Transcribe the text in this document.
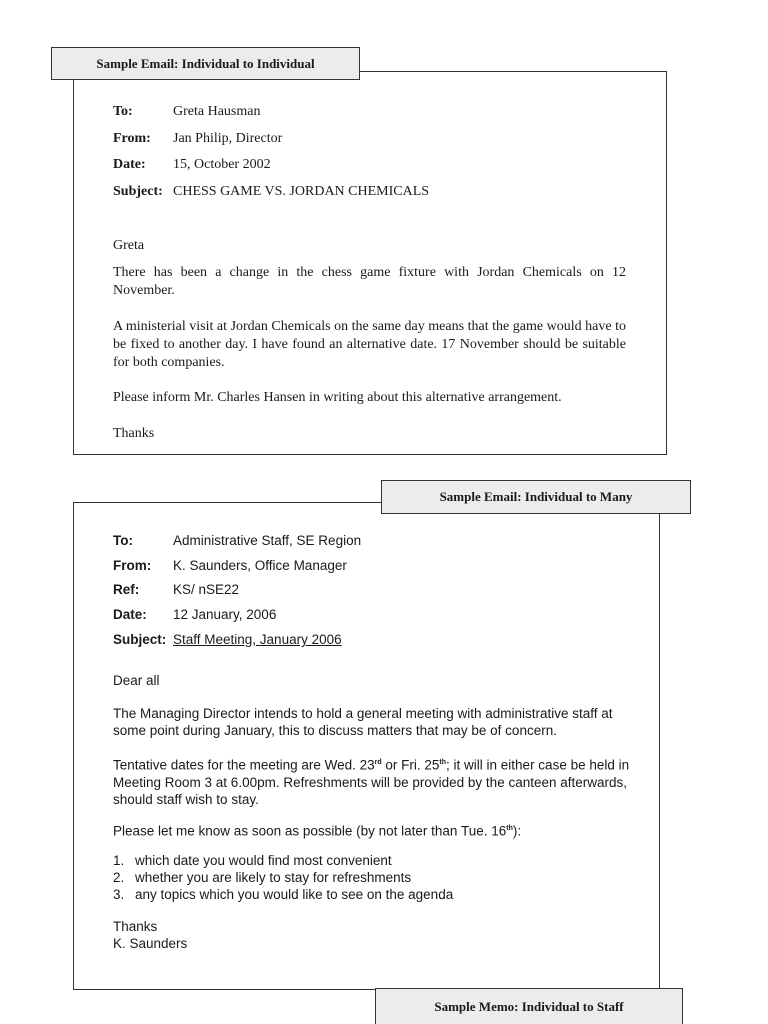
Sample Email: Individual to Individual
To:	Greta Hausman
From: Jan Philip, Director
Date: 15, October 2002
Subject: CHESS GAME VS. JORDAN CHEMICALS

Greta

There has been a change in the chess game fixture with Jordan Chemicals on 12 November.

A ministerial visit at Jordan Chemicals on the same day means that the game would have to be fixed to another day. I have found an alternative date. 17 November should be suitable for both companies.

Please inform Mr. Charles Hansen in writing about this alternative arrangement.

Thanks

Sample Email: Individual to Many
To:	Administrative Staff, SE Region
From: K. Saunders, Office Manager
Ref:	KS/ nSE22
Date: 12 January, 2006
Subject: Staff Meeting, January 2006

Dear all

The Managing Director intends to hold a general meeting with administrative staff at some point during January, this to discuss matters that may be of concern.

Tentative dates for the meeting are Wed. 23rd or Fri. 25th; it will in either case be held in Meeting Room 3 at 6.00pm. Refreshments will be provided by the canteen afterwards, should staff wish to stay.

Please let me know as soon as possible (by not later than Tue. 16th):

1. which date you would find most convenient
2. whether you are likely to stay for refreshments
3. any topics which you would like to see on the agenda

Thanks

K. Saunders

Sample Memo: Individual to Staff
